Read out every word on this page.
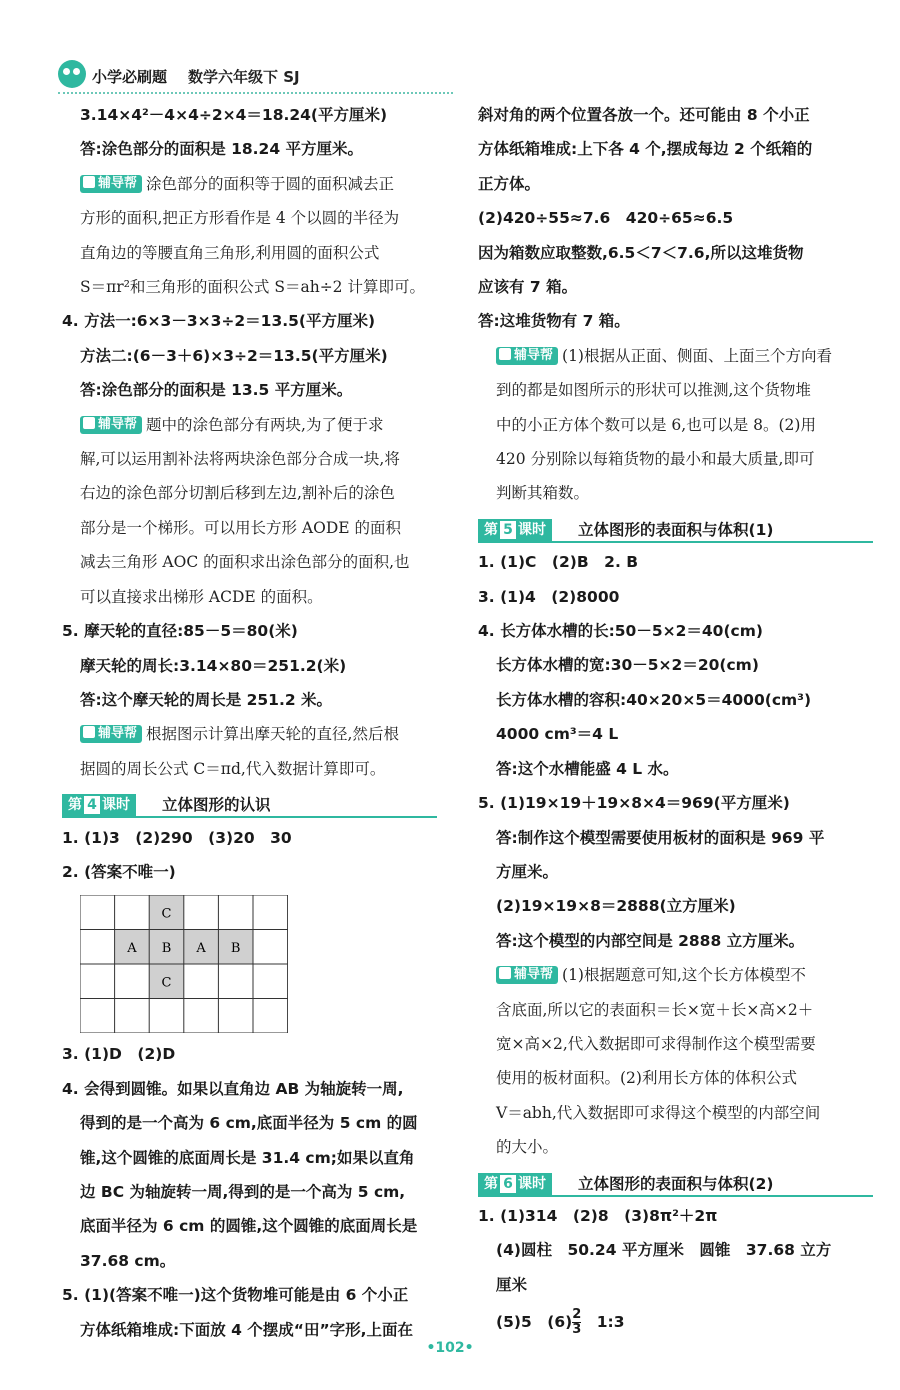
小学必刷题 数学六年级下 SJ
3.14×4²－4×4÷2×4＝18.24(平方厘米)
答:涂色部分的面积是 18.24 平方厘米。
辅导帮 涂色部分的面积等于圆的面积减去正
方形的面积,把正方形看作是 4 个以圆的半径为
直角边的等腰直角三角形,利用圆的面积公式
S＝πr²和三角形的面积公式 S＝ah÷2 计算即可。
4. 方法一:6×3－3×3÷2＝13.5(平方厘米)
方法二:(6－3＋6)×3÷2＝13.5(平方厘米)
答:涂色部分的面积是 13.5 平方厘米。
辅导帮 题中的涂色部分有两块,为了便于求
解,可以运用割补法将两块涂色部分合成一块,将
右边的涂色部分切割后移到左边,割补后的涂色
部分是一个梯形。可以用长方形 AODE 的面积
减去三角形 AOC 的面积求出涂色部分的面积,也
可以直接求出梯形 ACDE 的面积。
5. 摩天轮的直径:85－5＝80(米)
摩天轮的周长:3.14×80＝251.2(米)
答:这个摩天轮的周长是 251.2 米。
辅导帮 根据图示计算出摩天轮的直径,然后根
据圆的周长公式 C＝πd,代入数据计算即可。
第 4 课时	立体图形的认识
1. (1)3　(2)290　(3)20　30
2. (答案不唯一)
C
A B A B
C
3. (1)D　(2)D
4. 会得到圆锥。如果以直角边 AB 为轴旋转一周,
得到的是一个高为 6 cm,底面半径为 5 cm 的圆
锥,这个圆锥的底面周长是 31.4 cm;如果以直角
边 BC 为轴旋转一周,得到的是一个高为 5 cm,
底面半径为 6 cm 的圆锥,这个圆锥的底面周长是
37.68 cm。
5. (1)(答案不唯一)这个货物堆可能是由 6 个小正
方体纸箱堆成:下面放 4 个摆成“田”字形,上面在
斜对角的两个位置各放一个。还可能由 8 个小正
方体纸箱堆成:上下各 4 个,摆成每边 2 个纸箱的
正方体。
(2)420÷55≈7.6　420÷65≈6.5
因为箱数应取整数,6.5＜7＜7.6,所以这堆货物
应该有 7 箱。
答:这堆货物有 7 箱。
辅导帮 (1)根据从正面、侧面、上面三个方向看
到的都是如图所示的形状可以推测,这个货物堆
中的小正方体个数可以是 6,也可以是 8。(2)用
420 分别除以每箱货物的最小和最大质量,即可
判断其箱数。
第 5 课时	立体图形的表面积与体积(1)
1. (1)C　(2)B　2. B
3. (1)4　(2)8000
4. 长方体水槽的长:50－5×2＝40(cm)
长方体水槽的宽:30－5×2＝20(cm)
长方体水槽的容积:40×20×5＝4000(cm³)
4000 cm³＝4 L
答:这个水槽能盛 4 L 水。
5. (1)19×19＋19×8×4＝969(平方厘米)
答:制作这个模型需要使用板材的面积是 969 平
方厘米。
(2)19×19×8＝2888(立方厘米)
答:这个模型的内部空间是 2888 立方厘米。
辅导帮 (1)根据题意可知,这个长方体模型不
含底面,所以它的表面积＝长×宽＋长×高×2＋
宽×高×2,代入数据即可求得制作这个模型需要
使用的板材面积。(2)利用长方体的体积公式
V＝abh,代入数据即可求得这个模型的内部空间
的大小。
第 6 课时	立体图形的表面积与体积(2)
1. (1)314　(2)8　(3)8π²＋2π
(4)圆柱　50.24 平方厘米　圆锥　37.68 立方
厘米
(5)5　$(6) \frac{2}{3}$　1:3
•102•
